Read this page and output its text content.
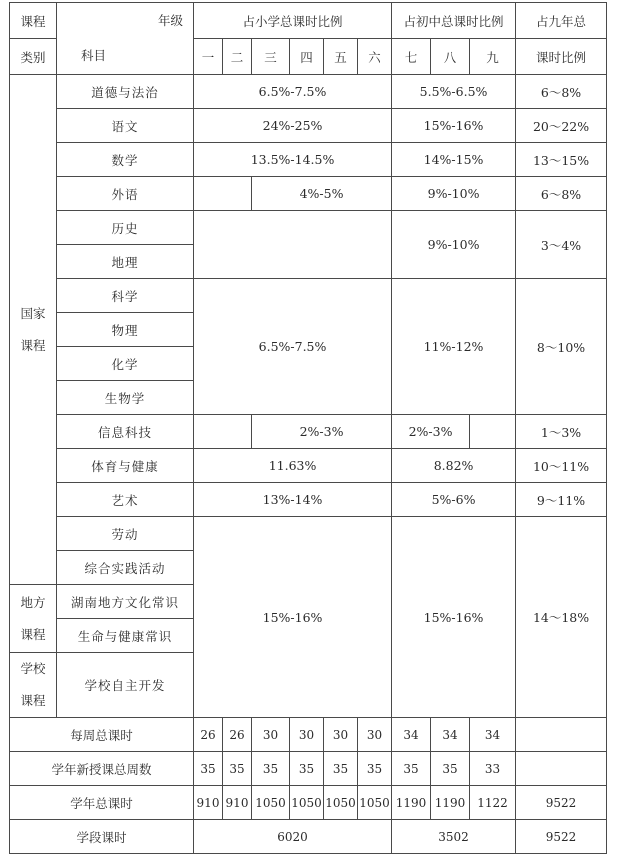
课程	年级
科目	占小学总课时比例						占初中总课时比例			占九年总
类别		一	二	三	四	五	六	七	八	九	课时比例

国家
课程	道德与法治	6.5%-7.5%						5.5%-6.5%			6～8%
	语文	24%-25%						15%-16%			20～22%
	数学	13.5%-14.5%						14%-15%			13～15%
	外语			4%-5%				9%-10%			6～8%
	历史							9%-10%			3～4%
	地理										
	科学	6.5%-7.5%						11%-12%			8～10%
	物理										
	化学										
	生物学										
	信息科技			2%-3%				2%-3%			1～3%
	体育与健康	11.63%						8.82%			10～11%
	艺术	13%-14%						5%-6%			9～11%
	劳动	15%-16%						15%-16%			14～18%
	综合实践活动										

地方
课程	湖南地方文化常识										
	生命与健康常识										

学校
课程	学校自主开发										

每周总课时		26	26	30	30	30	30	34	34	34	
学年新授课总周数		35	35	35	35	35	35	35	35	33	
学年总课时		910	910	1050	1050	1050	1050	1190	1190	1122	9522
学段课时		6020						3502			9522
